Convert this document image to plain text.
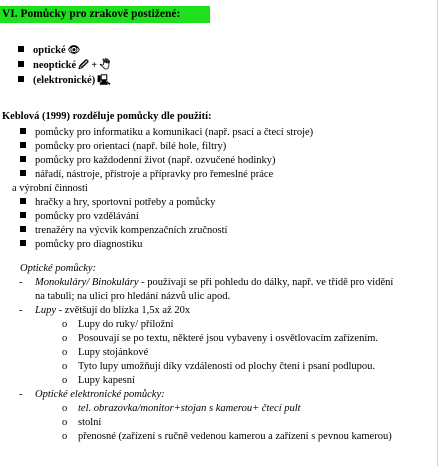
VI. Pomůcky pro zrakově postižené:
optické 👁
neoptické 🖉 + 🖑
(elektronické) 🖳
Keblová (1999) rozděluje pomůcky dle použití:
pomůcky pro informatiku a komunikaci (např. psací a čtecí stroje)
pomůcky pro orientaci (např. bílé hole, filtry)
pomůcky pro každodenní život (např. ozvučené hodinky)
nářadí, nástroje, přístroje a přípravky pro řemeslné práce
a výrobní činnosti
hračky a hry, sportovní potřeby a pomůcky
pomůcky pro vzdělávání
trenažéry na výcvik kompenzačních zručností
pomůcky pro diagnostiku
Optické pomůcky:
- Monokuláry/ Binokuláry - používají se při pohledu do dálky, např. ve třídě pro vidění
na tabuli; na ulici pro hledání názvů ulic apod.
- Lupy - zvětšují do blízka 1,5x až 20x
o Lupy do ruky/ příložní
o Posouvají se po textu, některé jsou vybaveny i osvětlovacím zařízením.
o Lupy stojánkové
o Tyto lupy umožňují díky vzdálenosti od plochy čtení i psaní podlupou.
o Lupy kapesní
- Optické elektronické pomůcky:
o tel. obrazovka/monitor+stojan s kamerou+ čtecí pult
o stolní
o přenosné (zařízení s ručně vedenou kamerou a zařízení s pevnou kamerou)
